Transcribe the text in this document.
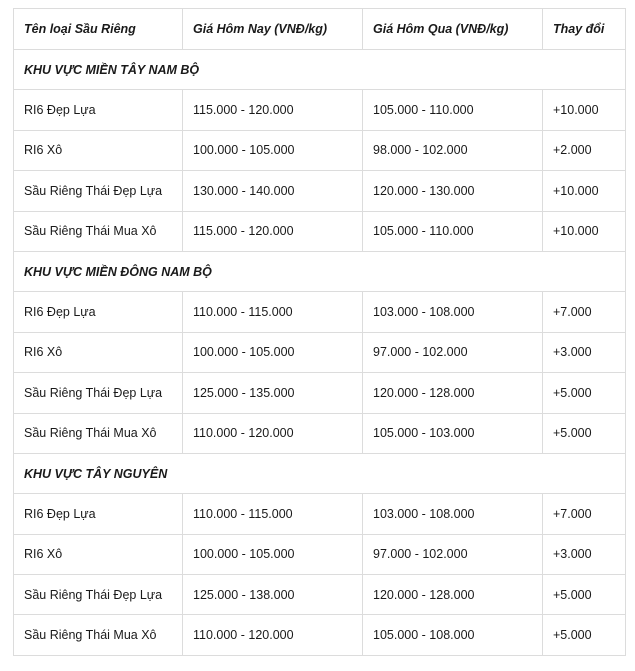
Tên loại Sầu Riêng	Giá Hôm Nay (VNĐ/kg)	Giá Hôm Qua (VNĐ/kg)	Thay đổi
KHU VỰC MIỀN TÂY NAM BỘ			
RI6 Đẹp Lựa	115.000 - 120.000	105.000 - 110.000	+10.000
RI6 Xô	100.000 - 105.000	98.000 - 102.000	+2.000
Sầu Riêng Thái Đẹp Lựa	130.000 - 140.000	120.000 - 130.000	+10.000
Sầu Riêng Thái Mua Xô	115.000 - 120.000	105.000 - 110.000	+10.000
KHU VỰC MIỀN ĐÔNG NAM BỘ			
RI6 Đẹp Lựa	110.000 - 115.000	103.000 - 108.000	+7.000
RI6 Xô	100.000 - 105.000	97.000 - 102.000	+3.000
Sầu Riêng Thái Đẹp Lựa	125.000 - 135.000	120.000 - 128.000	+5.000
Sầu Riêng Thái Mua Xô	110.000 - 120.000	105.000 - 103.000	+5.000
KHU VỰC TÂY NGUYÊN			
RI6 Đẹp Lựa	110.000 - 115.000	103.000 - 108.000	+7.000
RI6 Xô	100.000 - 105.000	97.000 - 102.000	+3.000
Sầu Riêng Thái Đẹp Lựa	125.000 - 138.000	120.000 - 128.000	+5.000
Sầu Riêng Thái Mua Xô	110.000 - 120.000	105.000 - 108.000	+5.000
